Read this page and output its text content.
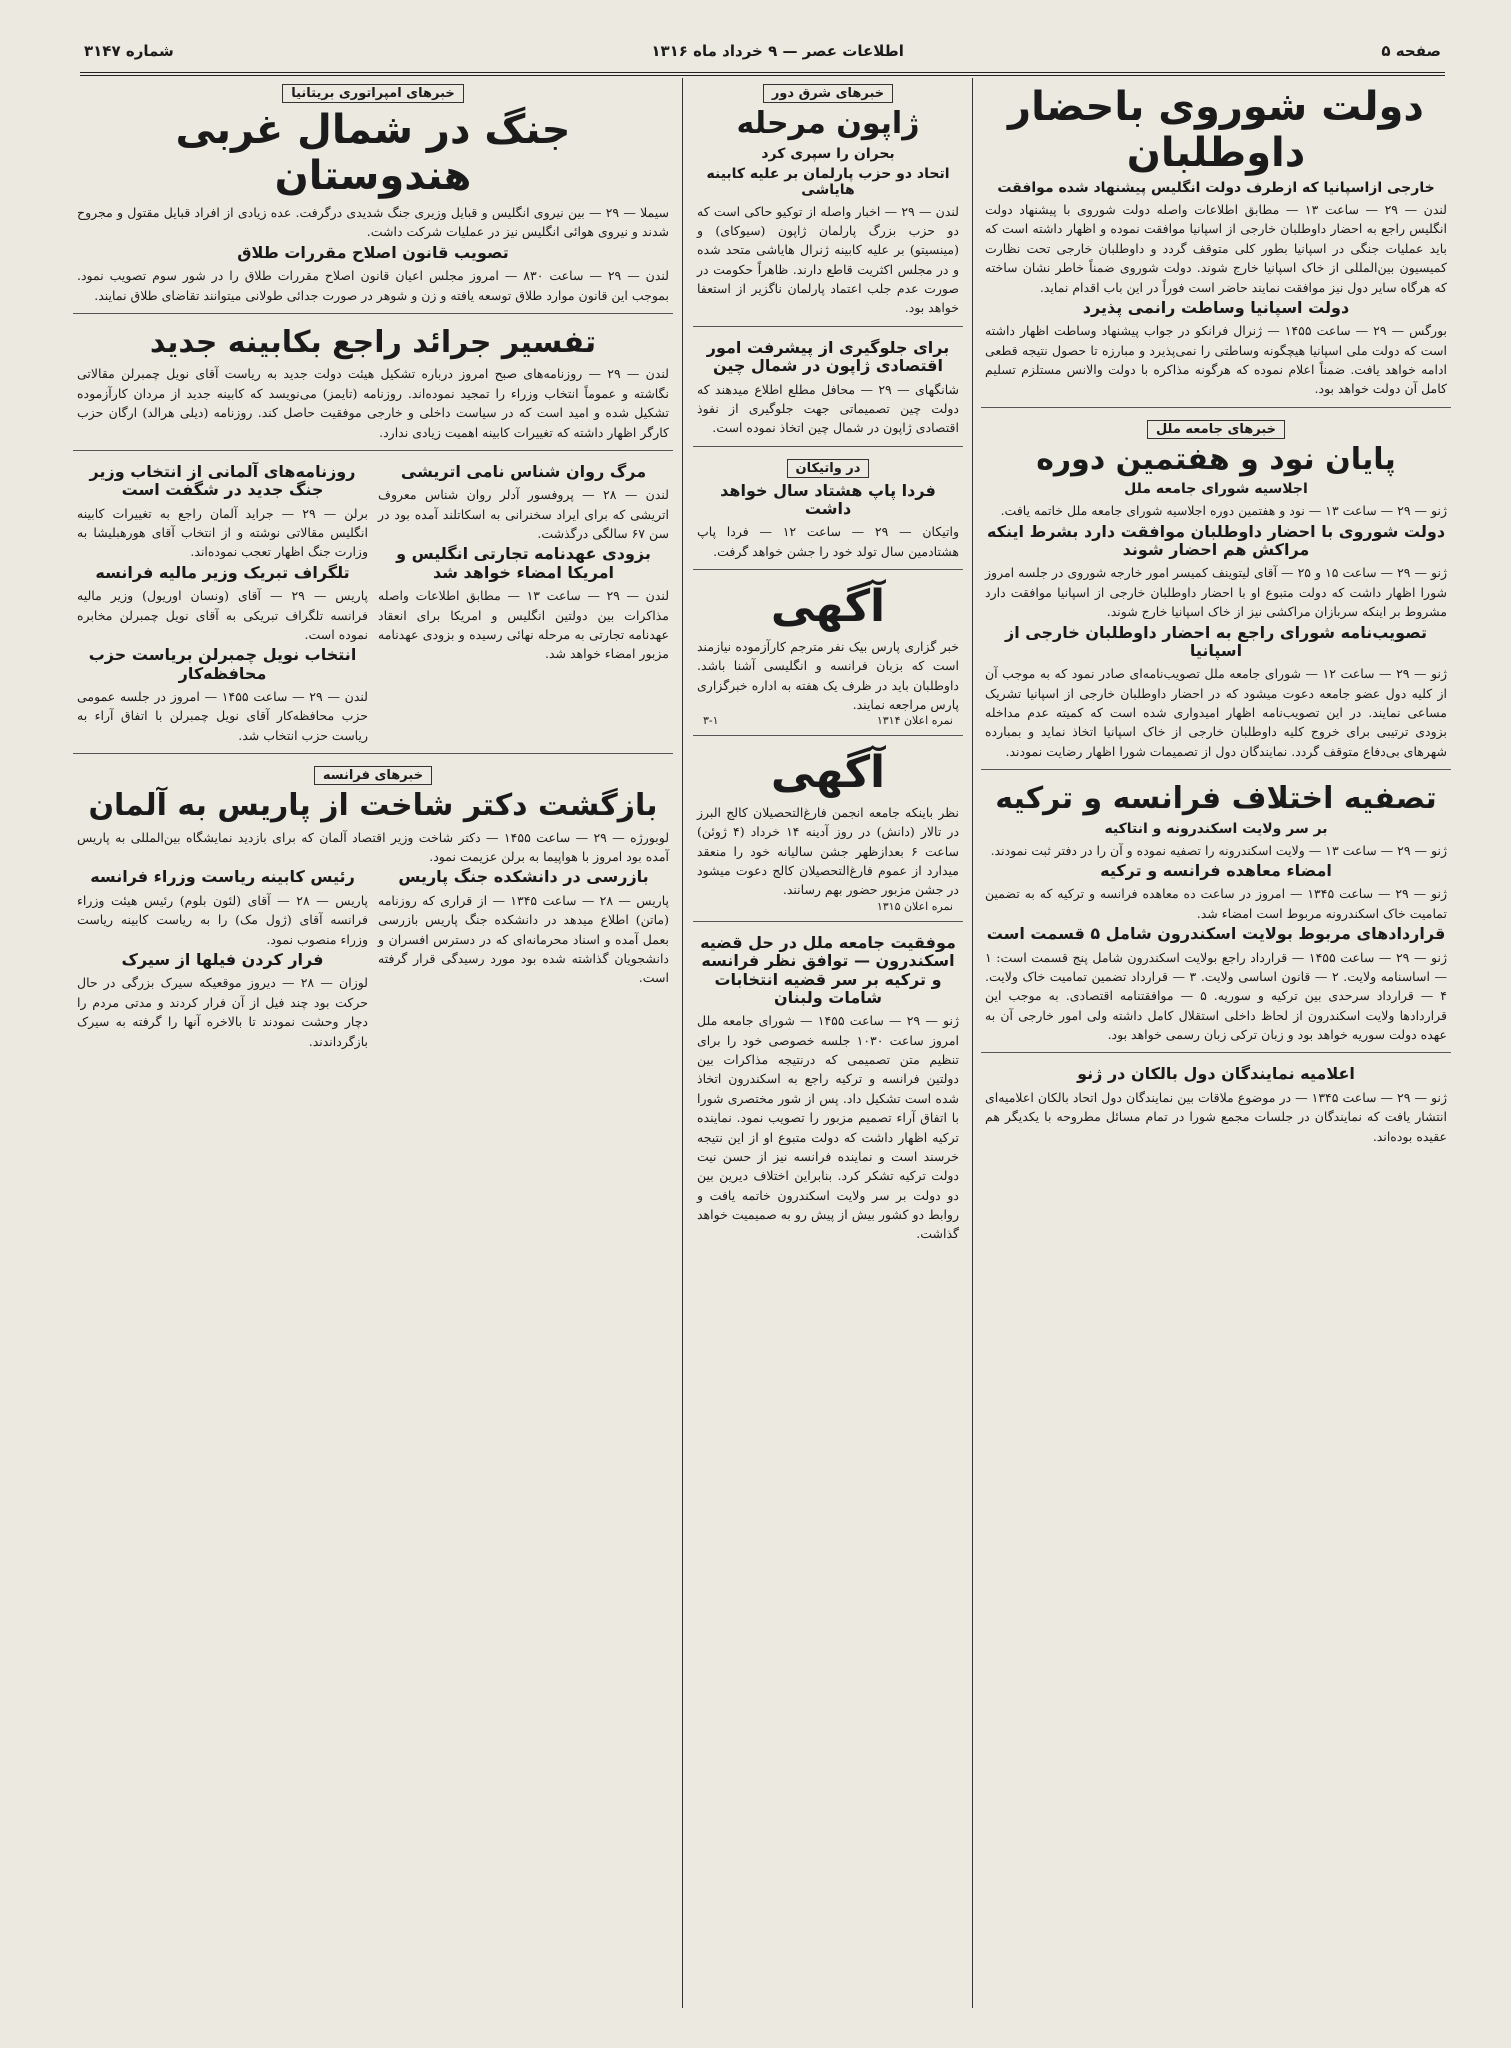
صفحه ۵
اطلاعات عصر — ۹ خرداد ماه ۱۳۱۶
شماره ۳۱۴۷
دولت شوروی باحضار داوطلبان
خارجی ازاسپانیا که ازطرف دولت انگلیس پیشنهاد شده موافقت

لندن — ۲۹ — ساعت ۱۳ — مطابق اطلاعات واصله دولت شوروی با پیشنهاد دولت انگلیس راجع به احضار داوطلبان خارجی از اسپانیا موافقت نموده و اظهار داشته است که باید عملیات جنگی در اسپانیا بطور کلی متوقف گردد و داوطلبان خارجی تحت نظارت کمیسیون بین‌المللی از خاک اسپانیا خارج شوند. دولت شوروی ضمناً خاطر نشان ساخته که هرگاه سایر دول نیز موافقت نمایند حاضر است فوراً در این باب اقدام نماید.

دولت اسپانیا وساطت رانمی پذیرد

بورگس — ۲۹ — ساعت ۱۴۵۵ — ژنرال فرانکو در جواب پیشنهاد وساطت اظهار داشته است که دولت ملی اسپانیا هیچگونه وساطتی را نمی‌پذیرد و مبارزه تا حصول نتیجه قطعی ادامه خواهد یافت. ضمناً اعلام نموده که هرگونه مذاکره با دولت والانس مستلزم تسلیم کامل آن دولت خواهد بود.

خبرهای جامعه ملل
پایان نود و هفتمین دوره
اجلاسیه شورای جامعه ملل

ژنو — ۲۹ — ساعت ۱۳ — نود و هفتمین دوره اجلاسیه شورای جامعه ملل خاتمه یافت.

دولت شوروی با احضار داوطلبان موافقت دارد بشرط اینکه مراکش هم احضار شوند

ژنو — ۲۹ — ساعت ۱۵ و ۲۵ — آقای لیتوینف کمیسر امور خارجه شوروی در جلسه امروز شورا اظهار داشت که دولت متبوع او با احضار داوطلبان خارجی از اسپانیا موافقت دارد مشروط بر اینکه سربازان مراکشی نیز از خاک اسپانیا خارج شوند.

تصویب‌نامه شورای راجع به احضار داوطلبان خارجی از اسپانیا

ژنو — ۲۹ — ساعت ۱۲ — شورای جامعه ملل تصویب‌نامه‌ای صادر نمود که به موجب آن از کلیه دول عضو جامعه دعوت میشود که در احضار داوطلبان خارجی از اسپانیا تشریک مساعی نمایند. در این تصویب‌نامه اظهار امیدواری شده است که کمیته عدم مداخله بزودی ترتیبی برای خروج کلیه داوطلبان خارجی از خاک اسپانیا اتخاذ نماید و بمبارده شهرهای بی‌دفاع متوقف گردد. نمایندگان دول از تصمیمات شورا اظهار رضایت نمودند.

تصفیه اختلاف فرانسه و ترکیه
بر سر ولایت اسکندرونه و انتاکیه

ژنو — ۲۹ — ساعت ۱۳ — ولایت اسکندرونه را تصفیه نموده و آن را در دفتر ثبت نمودند.

امضاء معاهده فرانسه و ترکیه

ژنو — ۲۹ — ساعت ۱۳۴۵ — امروز در ساعت ده معاهده فرانسه و ترکیه که به تضمین تمامیت خاک اسکندرونه مربوط است امضاء شد.

قراردادهای مربوط بولایت اسکندرون شامل ۵ قسمت است

ژنو — ۲۹ — ساعت ۱۴۵۵ — قرارداد راجع بولایت اسکندرون شامل پنج قسمت است: ۱ — اساسنامه ولایت. ۲ — قانون اساسی ولایت. ۳ — قرارداد تضمین تمامیت خاک ولایت. ۴ — قرارداد سرحدی بین ترکیه و سوریه. ۵ — موافقتنامه اقتصادی. به موجب این قراردادها ولایت اسکندرون از لحاظ داخلی استقلال کامل داشته ولی امور خارجی آن به عهده دولت سوریه خواهد بود و زبان ترکی زبان رسمی خواهد بود.

اعلامیه نمایندگان دول بالکان در ژنو

ژنو — ۲۹ — ساعت ۱۳۴۵ — در موضوع ملاقات بین نمایندگان دول اتحاد بالکان اعلامیه‌ای انتشار یافت که نمایندگان در جلسات مجمع شورا در تمام مسائل مطروحه با یکدیگر هم عقیده بوده‌اند.

خبرهای شرق دور
ژاپون مرحله
بحران را سپری کرد
اتحاد دو حزب پارلمان بر علیه کابینه هایاشی

لندن — ۲۹ — اخبار واصله از توکیو حاکی است که دو حزب بزرگ پارلمان ژاپون (سیوکای) و (مینسیتو) بر علیه کابینه ژنرال هایاشی متحد شده و در مجلس اکثریت قاطع دارند. ظاهراً حکومت در صورت عدم جلب اعتماد پارلمان ناگزیر از استعفا خواهد بود.

برای جلوگیری از پیشرفت امور اقتصادی ژاپون در شمال چین

شانگهای — ۲۹ — محافل مطلع اطلاع میدهند که دولت چین تصمیماتی جهت جلوگیری از نفوذ اقتصادی ژاپون در شمال چین اتخاذ نموده است.

در واتیکان
فردا پاپ هشتاد سال خواهد داشت

واتیکان — ۲۹ — ساعت ۱۲ — فردا پاپ هشتادمین سال تولد خود را جشن خواهد گرفت.

آگهی

خبر گزاری پارس بیک نفر مترجم کارآزموده نیازمند است که بزبان فرانسه و انگلیسی آشنا باشد. داوطلبان باید در ظرف یک هفته به اداره خبرگزاری پارس مراجعه نمایند.

نمره اعلان ۱۳۱۴
۳-۱
آگهی

نظر باینکه جامعه انجمن فارغ‌التحصیلان کالج البرز در تالار (دانش) در روز آدینه ۱۴ خرداد (۴ ژوئن) ساعت ۶ بعدازظهر جشن سالیانه خود را منعقد میدارد از عموم فارغ‌التحصیلان کالج دعوت میشود در جشن مزبور حضور بهم رسانند.

نمره اعلان ۱۳۱۵
موفقیت جامعه ملل در حل قضیه اسکندرون — توافق نظر فرانسه و ترکیه بر سر قضیه انتخابات شامات ولبنان

ژنو — ۲۹ — ساعت ۱۴۵۵ — شورای جامعه ملل امروز ساعت ۱۰۳۰ جلسه خصوصی خود را برای تنظیم متن تصمیمی که درنتیجه مذاکرات بین دولتین فرانسه و ترکیه راجع به اسکندرون اتخاذ شده است تشکیل داد. پس از شور مختصری شورا با اتفاق آراء تصمیم مزبور را تصویب نمود. نماینده ترکیه اظهار داشت که دولت متبوع او از این نتیجه خرسند است و نماینده فرانسه نیز از حسن نیت دولت ترکیه تشکر کرد. بنابراین اختلاف دیرین بین دو دولت بر سر ولایت اسکندرون خاتمه یافت و روابط دو کشور بیش از پیش رو به صمیمیت خواهد گذاشت.

خبرهای امپراتوری بریتانیا
جنگ در شمال غربی هندوستان

سیملا — ۲۹ — بین نیروی انگلیس و قبایل وزیری جنگ شدیدی درگرفت. عده زیادی از افراد قبایل مقتول و مجروح شدند و نیروی هوائی انگلیس نیز در عملیات شرکت داشت.

تصویب قانون اصلاح مقررات طلاق

لندن — ۲۹ — ساعت ۸۳۰ — امروز مجلس اعیان قانون اصلاح مقررات طلاق را در شور سوم تصویب نمود. بموجب این قانون موارد طلاق توسعه یافته و زن و شوهر در صورت جدائی طولانی میتوانند تقاضای طلاق نمایند.

تفسیر جرائد راجع بکابینه جدید

لندن — ۲۹ — روزنامه‌های صبح امروز درباره تشکیل هیئت دولت جدید به ریاست آقای نویل چمبرلن مقالاتی نگاشته و عموماً انتخاب وزراء را تمجید نموده‌اند. روزنامه (تایمز) می‌نویسد که کابینه جدید از مردان کارآزموده تشکیل شده و امید است که در سیاست داخلی و خارجی موفقیت حاصل کند. روزنامه (دیلی هرالد) ارگان حزب کارگر اظهار داشته که تغییرات کابینه اهمیت زیادی ندارد.

مرگ روان شناس نامی اتریشی

لندن — ۲۸ — پروفسور آدلر روان شناس معروف اتریشی که برای ایراد سخنرانی به اسکاتلند آمده بود در سن ۶۷ سالگی درگذشت.

بزودی عهدنامه تجارتی انگلیس و امریکا امضاء خواهد شد

لندن — ۲۹ — ساعت ۱۳ — مطابق اطلاعات واصله مذاکرات بین دولتین انگلیس و امریکا برای انعقاد عهدنامه تجارتی به مرحله نهائی رسیده و بزودی عهدنامه مزبور امضاء خواهد شد.

روزنامه‌های آلمانی از انتخاب وزیر جنگ جدید در شگفت است

برلن — ۲۹ — جراید آلمان راجع به تغییرات کابینه انگلیس مقالاتی نوشته و از انتخاب آقای هورهبلیشا به وزارت جنگ اظهار تعجب نموده‌اند.

تلگراف تبریک وزیر مالیه فرانسه

پاریس — ۲۹ — آقای (ونسان اوریول) وزیر مالیه فرانسه تلگراف تبریکی به آقای نویل چمبرلن مخابره نموده است.

انتخاب نویل چمبرلن بریاست حزب محافظه‌کار

لندن — ۲۹ — ساعت ۱۴۵۵ — امروز در جلسه عمومی حزب محافظه‌کار آقای نویل چمبرلن با اتفاق آراء به ریاست حزب انتخاب شد.

خبرهای فرانسه
بازگشت دکتر شاخت از پاریس به آلمان

لوبورژه — ۲۹ — ساعت ۱۴۵۵ — دکتر شاخت وزیر اقتصاد آلمان که برای بازدید نمایشگاه بین‌المللی به پاریس آمده بود امروز با هواپیما به برلن عزیمت نمود.

بازرسی در دانشکده جنگ پاریس

پاریس — ۲۸ — ساعت ۱۳۴۵ — از قراری که روزنامه (ماتن) اطلاع میدهد در دانشکده جنگ پاریس بازرسی بعمل آمده و اسناد محرمانه‌ای که در دسترس افسران و دانشجویان گذاشته شده بود مورد رسیدگی قرار گرفته است.

رئیس کابینه ریاست وزراء فرانسه

پاریس — ۲۸ — آقای (لئون بلوم) رئیس هیئت وزراء فرانسه آقای (ژول مک) را به ریاست کابینه ریاست وزراء منصوب نمود.

فرار کردن فیلها از سیرک

لوزان — ۲۸ — دیروز موقعیکه سیرک بزرگی در حال حرکت بود چند فیل از آن فرار کردند و مدتی مردم را دچار وحشت نمودند تا بالاخره آنها را گرفته به سیرک بازگرداندند.
